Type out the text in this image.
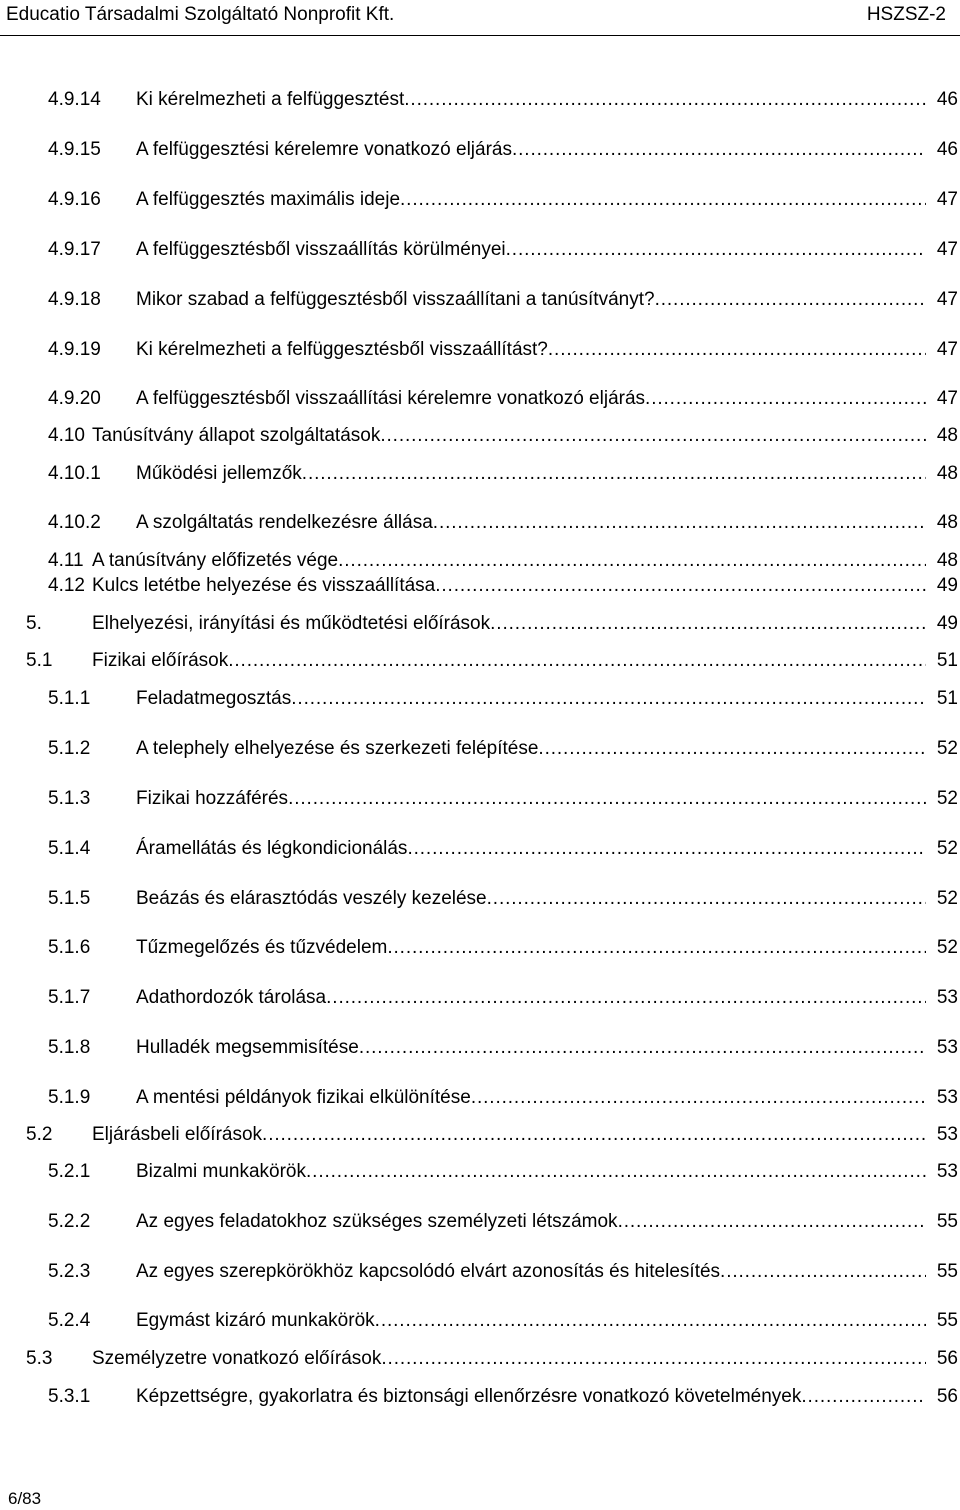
Educatio Társadalmi Szolgáltató Nonprofit Kft.	HSZSZ-2
4.9.14 Ki kérelmezheti a felfüggesztést . . .	46
4.9.15 A felfüggesztési kérelemre vonatkozó eljárás . . .	46
4.9.16 A felfüggesztés maximális ideje . . .	47
4.9.17 A felfüggesztésből visszaállítás körülményei . . .	47
4.9.18 Mikor szabad a felfüggesztésből visszaállítani a tanúsítványt? . . .	47
4.9.19 Ki kérelmezheti a felfüggesztésből visszaállítást? . . .	47
4.9.20 A felfüggesztésből visszaállítási kérelemre vonatkozó eljárás . . .	47
4.10 Tanúsítvány állapot szolgáltatások . . .	48
4.10.1 Működési jellemzők . . .	48
4.10.2 A szolgáltatás rendelkezésre állása . . .	48
4.11 A tanúsítvány előfizetés vége . . .	48
4.12 Kulcs letétbe helyezése és visszaállítása . . .	49
5.	Elhelyezési, irányítási és működtetési előírások . . .	49
5.1 Fizikai előírások . . .	51
5.1.1 Feladatmegosztás . . .	51
5.1.2 A telephely elhelyezése és szerkezeti felépítése . . .	52
5.1.3 Fizikai hozzáférés . . .	52
5.1.4 Áramellátás és légkondicionálás . . .	52
5.1.5 Beázás és elárasztódás veszély kezelése . . .	52
5.1.6 Tűzmegelőzés és tűzvédelem . . .	52
5.1.7 Adathordozók tárolása . . .	53
5.1.8 Hulladék megsemmisítése . . .	53
5.1.9 A mentési példányok fizikai elkülönítése . . .	53
5.2 Eljárásbeli előírások . . .	53
5.2.1 Bizalmi munkakörök . . .	53
5.2.2 Az egyes feladatokhoz szükséges személyzeti létszámok . . .	55
5.2.3 Az egyes szerepkörökhöz kapcsolódó elvárt azonosítás és hitelesítés . . .	55
5.2.4 Egymást kizáró munkakörök . . .	55
5.3 Személyzetre vonatkozó előírások . . .	56
5.3.1 Képzettségre, gyakorlatra és biztonsági ellenőrzésre vonatkozó követelmények . . .	56
6/83
